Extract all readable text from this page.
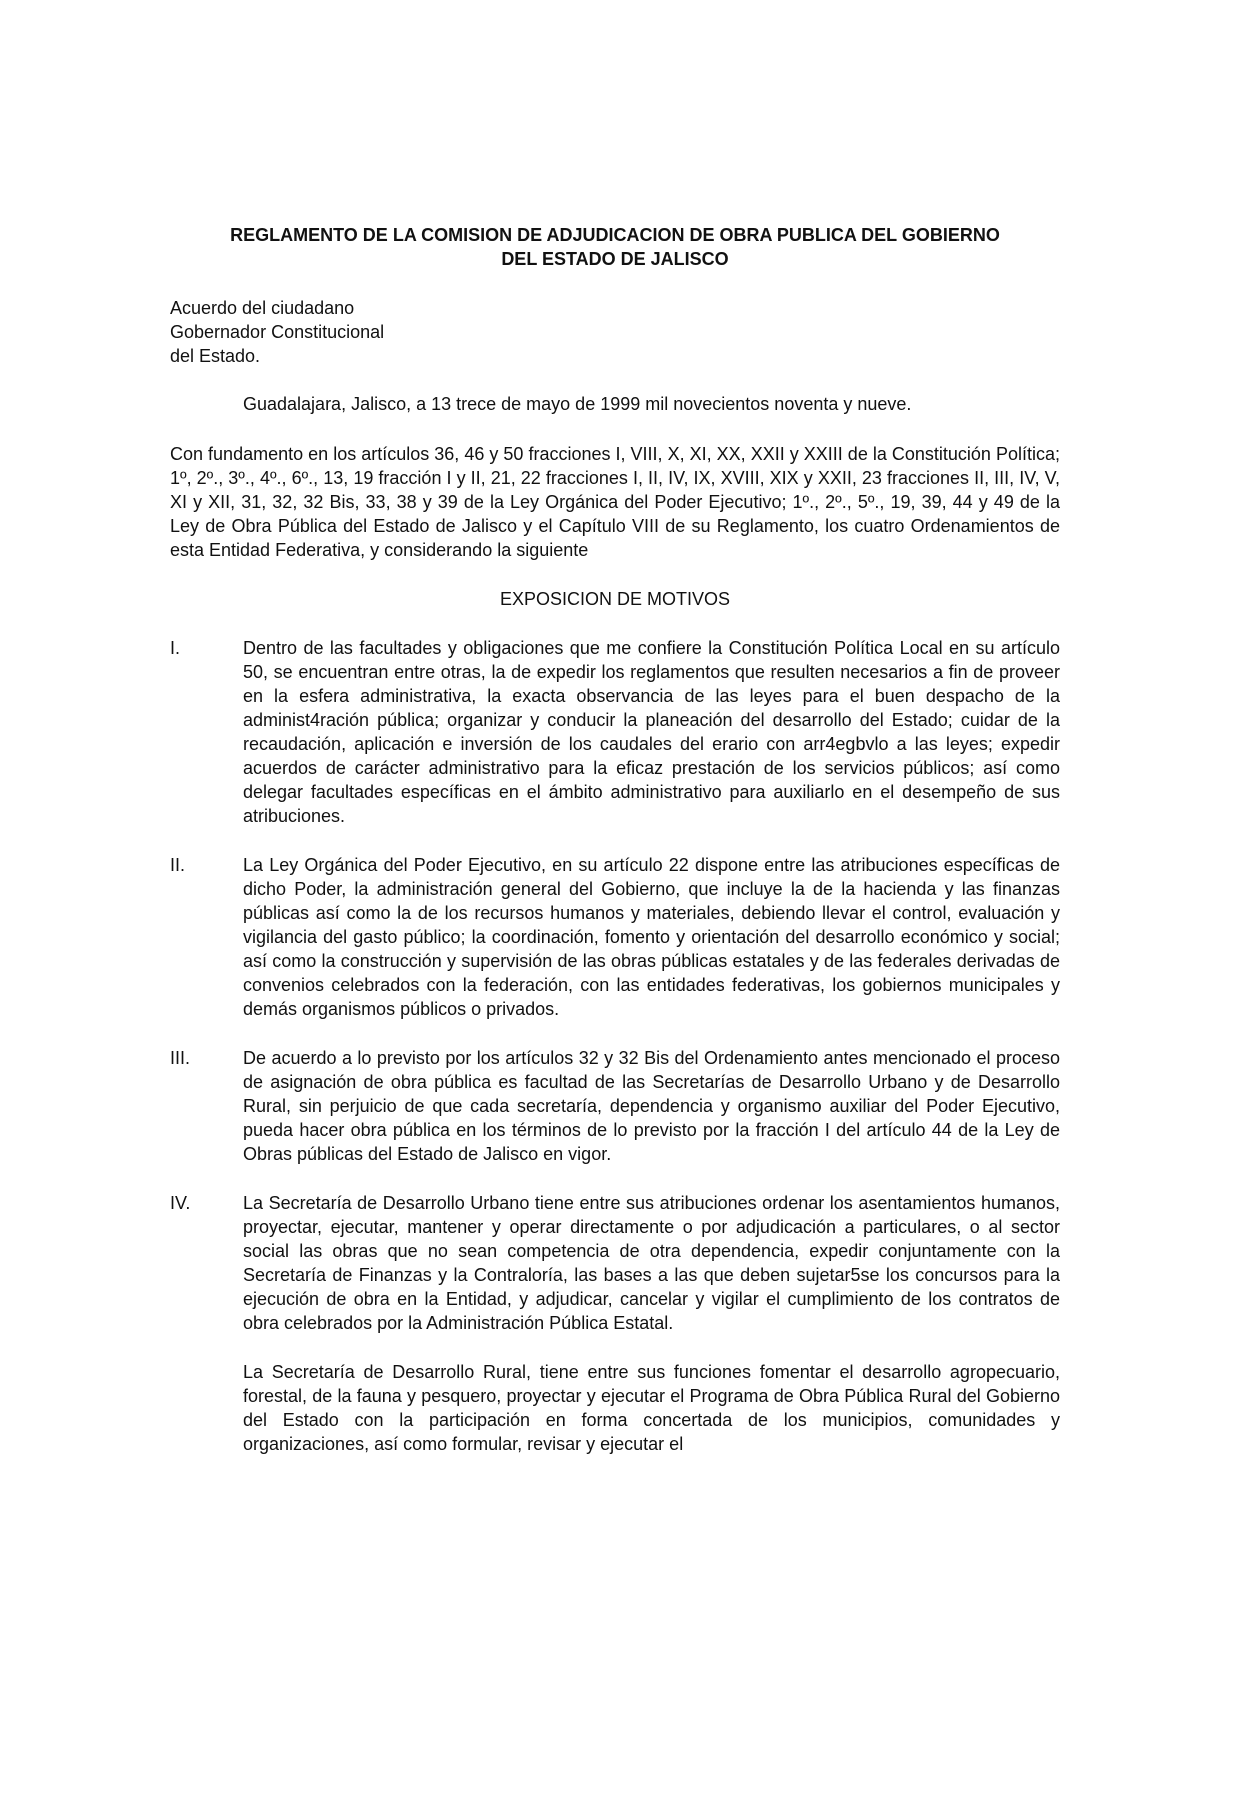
REGLAMENTO DE LA COMISION DE ADJUDICACION DE OBRA PUBLICA DEL GOBIERNO
DEL ESTADO DE JALISCO
Acuerdo del ciudadano
Gobernador Constitucional
del Estado.

Guadalajara, Jalisco, a 13 trece de mayo de 1999 mil novecientos noventa y nueve.

Con fundamento en los artículos 36, 46 y 50 fracciones I, VIII, X, XI, XX, XXII y XXIII de la Constitución Política; 1º, 2º., 3º., 4º., 6º., 13, 19 fracción I y II, 21, 22 fracciones I, II, IV, IX, XVIII, XIX y XXII, 23 fracciones II, III, IV, V, XI y XII, 31, 32, 32 Bis, 33, 38 y 39 de la Ley Orgánica del Poder Ejecutivo; 1º., 2º., 5º., 19, 39, 44 y 49 de la Ley de Obra Pública del Estado de Jalisco y el Capítulo VIII de su Reglamento, los cuatro Ordenamientos de esta Entidad Federativa, y considerando la siguiente

EXPOSICION DE MOTIVOS

I.	Dentro de las facultades y obligaciones que me confiere la Constitución Política Local en su artículo 50, se encuentran entre otras, la de expedir los reglamentos que resulten necesarios a fin de proveer en la esfera administrativa, la exacta observancia de las leyes para el buen despacho de la administ4ración pública; organizar y conducir la planeación del desarrollo del Estado; cuidar de la recaudación, aplicación e inversión de los caudales del erario con arr4egbvlo a las leyes; expedir acuerdos de carácter administrativo para la eficaz prestación de los servicios públicos; así como delegar facultades específicas en el ámbito administrativo para auxiliarlo en el desempeño de sus atribuciones.
II.	La Ley Orgánica del Poder Ejecutivo, en su artículo 22 dispone entre las atribuciones específicas de dicho Poder, la administración general del Gobierno, que incluye la de la hacienda y las finanzas públicas así como la de los recursos humanos y materiales, debiendo llevar el control, evaluación y vigilancia del gasto público; la coordinación, fomento y orientación del desarrollo económico y social; así como la construcción y supervisión de las obras públicas estatales y de las federales derivadas de convenios celebrados con la federación, con las entidades federativas, los gobiernos municipales y demás organismos públicos o privados.
III.	De acuerdo a lo previsto por los artículos 32 y 32 Bis del Ordenamiento antes mencionado el proceso de asignación de obra pública es facultad de las Secretarías de Desarrollo Urbano y de Desarrollo Rural, sin perjuicio de que cada secretaría, dependencia y organismo auxiliar del Poder Ejecutivo, pueda hacer obra pública en los términos de lo previsto por la fracción I del artículo 44 de la Ley de Obras públicas del Estado de Jalisco en vigor.
IV.	La Secretaría de Desarrollo Urbano tiene entre sus atribuciones ordenar los asentamientos humanos, proyectar, ejecutar, mantener y operar directamente o por adjudicación a particulares, o al sector social las obras que no sean competencia de otra dependencia, expedir conjuntamente con la Secretaría de Finanzas y la Contraloría, las bases a las que deben sujetar5se los concursos para la ejecución de obra en la Entidad, y adjudicar, cancelar y vigilar el cumplimiento de los contratos de obra celebrados por la Administración Pública Estatal.

La Secretaría de Desarrollo Rural, tiene entre sus funciones fomentar el desarrollo agropecuario, forestal, de la fauna y pesquero, proyectar y ejecutar el Programa de Obra Pública Rural del Gobierno del Estado con la participación en forma concertada de los municipios, comunidades y organizaciones, así como formular, revisar y ejecutar el
